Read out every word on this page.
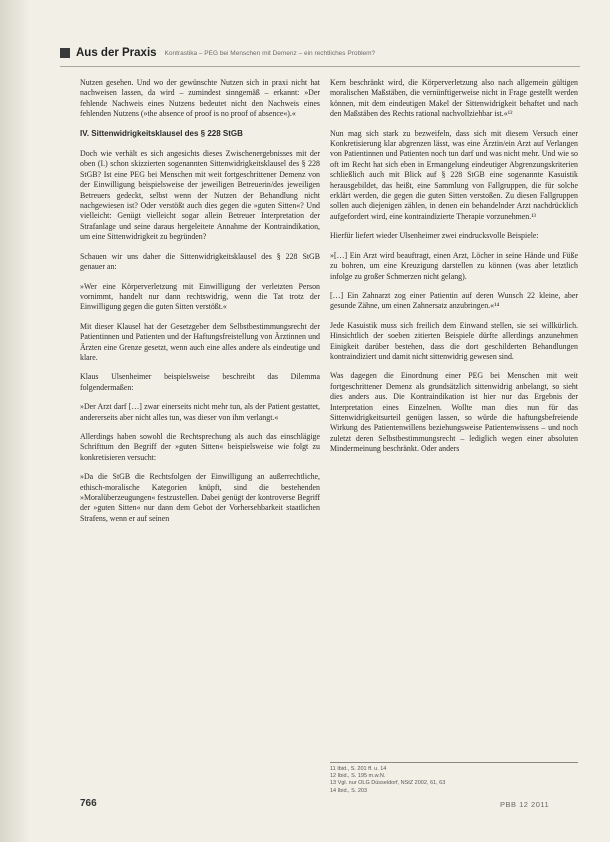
Aus der Praxis Kontrastika – PEG bei Menschen mit Demenz – ein rechtliches Problem?

Nutzen gesehen. Und wo der gewünschte Nutzen sich in praxi nicht hat nachweisen lassen, da wird – zumindest sinngemäß – erkannt: »Der fehlende Nachweis eines Nutzens bedeutet nicht den Nachweis eines fehlenden Nutzens (»the absence of proof is no proof of absence«).«

IV. Sittenwidrigkeitsklausel des § 228 StGB

Doch wie verhält es sich angesichts dieses Zwischenergebnisses mit der oben (I.) schon skizzierten sogenannten Sittenwidrigkeitsklausel des § 228 StGB? Ist eine PEG bei Menschen mit weit fortgeschrittener Demenz von der Einwilligung beispielsweise der jeweiligen Betreuerin/des jeweiligen Betreuers gedeckt, selbst wenn der Nutzen der Behandlung nicht nachgewiesen ist? Oder verstößt auch dies gegen die »guten Sitten«? Und vielleicht: Genügt vielleicht sogar allein Betreuer Interpretation der Strafanlage und seine daraus hergeleitete Annahme der Kontraindikation, um eine Sittenwidrigkeit zu begründen?

Schauen wir uns daher die Sittenwidrigkeitsklausel des § 228 StGB genauer an:

»Wer eine Körperverletzung mit Einwilligung der verletzten Person vornimmt, handelt nur dann rechtswidrig, wenn die Tat trotz der Einwilligung gegen die guten Sitten verstößt.«

Mit dieser Klausel hat der Gesetzgeber dem Selbstbestimmungsrecht der Patientinnen und Patienten und der Haftungsfreistellung von Ärztinnen und Ärzten eine Grenze gesetzt, wenn auch eine alles andere als eindeutige und klare.

Klaus Ulsenheimer beispielsweise beschreibt das Dilemma folgendermaßen:

»Der Arzt darf […] zwar einerseits nicht mehr tun, als der Patient gestattet, andererseits aber nicht alles tun, was dieser von ihm verlangt.«

Allerdings haben sowohl die Rechtsprechung als auch das einschlägige Schrifttum den Begriff der »guten Sitten« beispielsweise wie folgt zu konkretisieren versucht:

»Da die StGB die Rechtsfolgen der Einwilligung an außerrechtliche, ethisch-moralische Kategorien knüpft, sind die bestehenden »Moralüberzeugungen« festzustellen. Dabei genügt der kontroverse Begriff der »guten Sitten« nur dann dem Gebot der Vorhersehbarkeit staatlichen Strafens, wenn er auf seinen

Kern beschränkt wird, die Körperverletzung also nach allgemein gültigen moralischen Maßstäben, die vernünftigerweise nicht in Frage gestellt werden können, mit dem eindeutigen Makel der Sittenwidrigkeit behaftet und nach den Maßstäben des Rechts rational nachvollziehbar ist.«¹²

Nun mag sich stark zu bezweifeln, dass sich mit diesem Versuch einer Konkretisierung klar abgrenzen lässt, was eine Ärztin/ein Arzt auf Verlangen von Patientinnen und Patienten noch tun darf und was nicht mehr. Und wie so oft im Recht hat sich eben in Ermangelung eindeutiger Abgrenzungskriterien schließlich auch mit Blick auf § 228 StGB eine sogenannte Kasuistik herausgebildet, das heißt, eine Sammlung von Fallgruppen, die für solche erklärt werden, die gegen die guten Sitten verstoßen. Zu diesen Fallgruppen sollen auch diejenigen zählen, in denen ein behandelnder Arzt nachdrücklich aufgefordert wird, eine kontraindizierte Therapie vorzunehmen.¹³

Hierfür liefert wieder Ulsenheimer zwei eindrucksvolle Beispiele:

»[…] Ein Arzt wird beauftragt, einen Arzt, Löcher in seine Hände und Füße zu bohren, um eine Kreuzigung darstellen zu können (was aber letztlich infolge zu großer Schmerzen nicht gelang).

[…] Ein Zahnarzt zog einer Patientin auf deren Wunsch 22 kleine, aber gesunde Zähne, um einen Zahnersatz anzubringen.«¹⁴

Jede Kasuistik muss sich freilich dem Einwand stellen, sie sei willkürlich. Hinsichtlich der soeben zitierten Beispiele dürfte allerdings anzunehmen Einigkeit darüber bestehen, dass die dort geschilderten Behandlungen kontraindiziert und damit nicht sittenwidrig gewesen sind.

Was dagegen die Einordnung einer PEG bei Menschen mit weit fortgeschrittener Demenz als grundsätzlich sittenwidrig anbelangt, so sieht dies anders aus. Die Kontraindikation ist hier nur das Ergebnis der Interpretation eines Einzelnen. Wollte man dies nun für das Sittenwidrigkeitsurteil genügen lassen, so würde die haftungsbefreiende Wirkung des Patientenwillens beziehungsweise Patientenwissens – und noch zuletzt deren Selbstbestimmungsrecht – lediglich wegen einer absoluten Mindermeinung beschränkt. Oder anders

11 Ibid., S. 201 ff. u. 14
12 Ibid., S. 195 m.w.N.
13 Vgl. nur OLG Düsseldorf, NStZ 2002, 61, 63
14 Ibid., S. 203
766	PBB 12 2011
